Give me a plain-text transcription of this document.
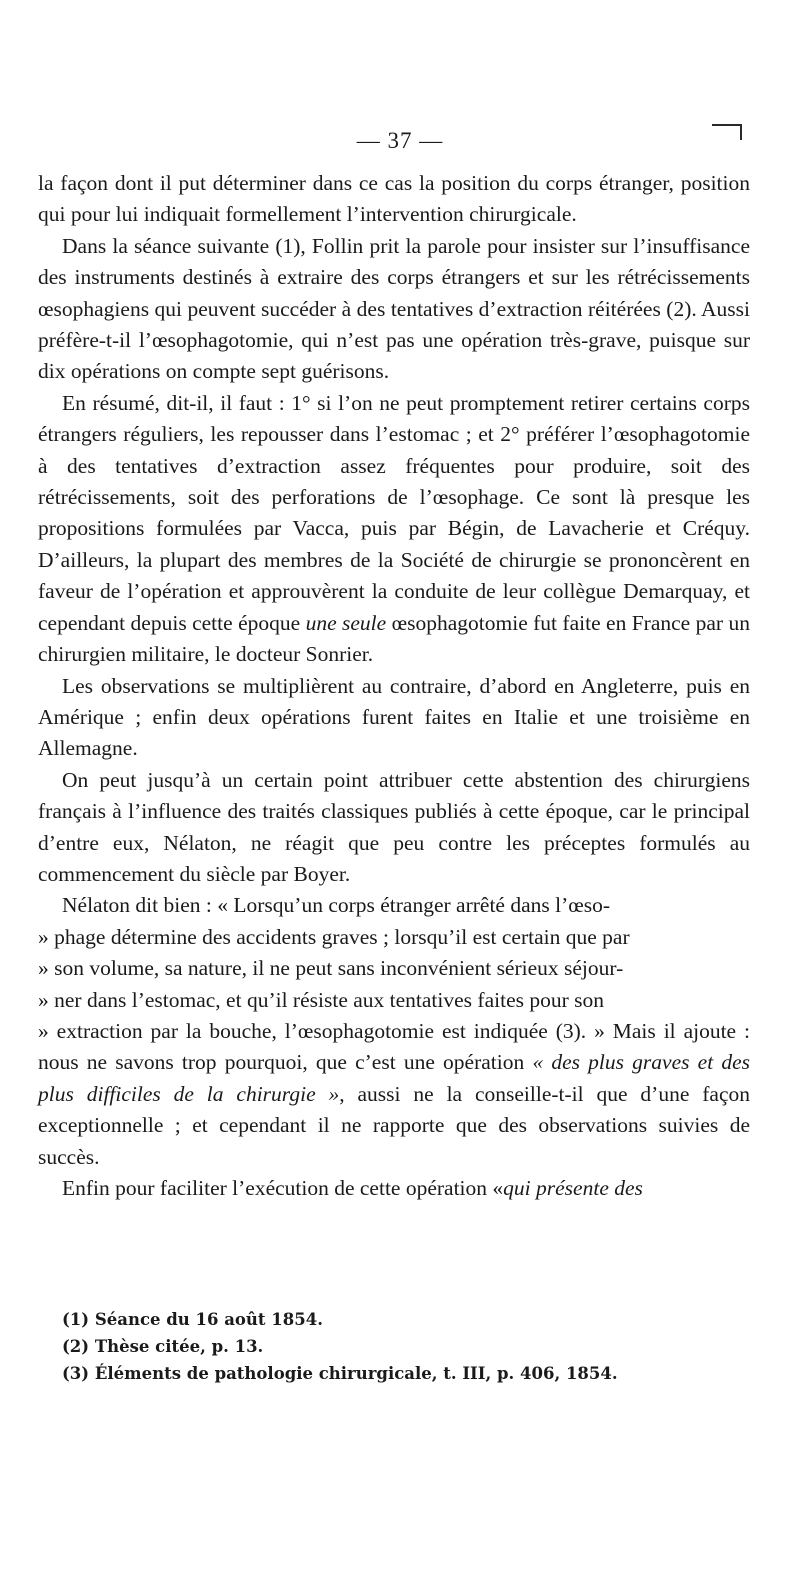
— 37 —

la façon dont il put déterminer dans ce cas la position du corps étranger, position qui pour lui indiquait formellement l’intervention chirurgicale.

Dans la séance suivante (1), Follin prit la parole pour insister sur l’insuffisance des instruments destinés à extraire des corps étrangers et sur les rétrécissements œsophagiens qui peuvent succéder à des tentatives d’extraction réitérées (2). Aussi préfère-t-il l’œsophagotomie, qui n’est pas une opération très-grave, puisque sur dix opérations on compte sept guérisons.

En résumé, dit-il, il faut : 1° si l’on ne peut promptement retirer certains corps étrangers réguliers, les repousser dans l’estomac ; et 2° préférer l’œsophagotomie à des tentatives d’extraction assez fréquentes pour produire, soit des rétrécissements, soit des perforations de l’œsophage. Ce sont là presque les propositions formulées par Vacca, puis par Bégin, de Lavacherie et Créquy. D’ailleurs, la plupart des membres de la Société de chirurgie se prononcèrent en faveur de l’opération et approuvèrent la conduite de leur collègue Demarquay, et cependant depuis cette époque une seule œsophagotomie fut faite en France par un chirurgien militaire, le docteur Sonrier.

Les observations se multiplièrent au contraire, d’abord en Angleterre, puis en Amérique ; enfin deux opérations furent faites en Italie et une troisième en Allemagne.

On peut jusqu’à un certain point attribuer cette abstention des chirurgiens français à l’influence des traités classiques publiés à cette époque, car le principal d’entre eux, Nélaton, ne réagit que peu contre les préceptes formulés au commencement du siècle par Boyer.

Nélaton dit bien : « Lorsqu’un corps étranger arrêté dans l’œso-

» phage détermine des accidents graves ; lorsqu’il est certain que par

» son volume, sa nature, il ne peut sans inconvénient sérieux séjour-

» ner dans l’estomac, et qu’il résiste aux tentatives faites pour son

» extraction par la bouche, l’œsophagotomie est indiquée (3). » Mais il ajoute : nous ne savons trop pourquoi, que c’est une opération « des plus graves et des plus difficiles de la chirurgie », aussi ne la conseille-t-il que d’une façon exceptionnelle ; et cependant il ne rapporte que des observations suivies de succès.

Enfin pour faciliter l’exécution de cette opération «qui présente des

(1) Séance du 16 août 1854.
(2) Thèse citée, p. 13.
(3) Éléments de pathologie chirurgicale, t. III, p. 406, 1854.
